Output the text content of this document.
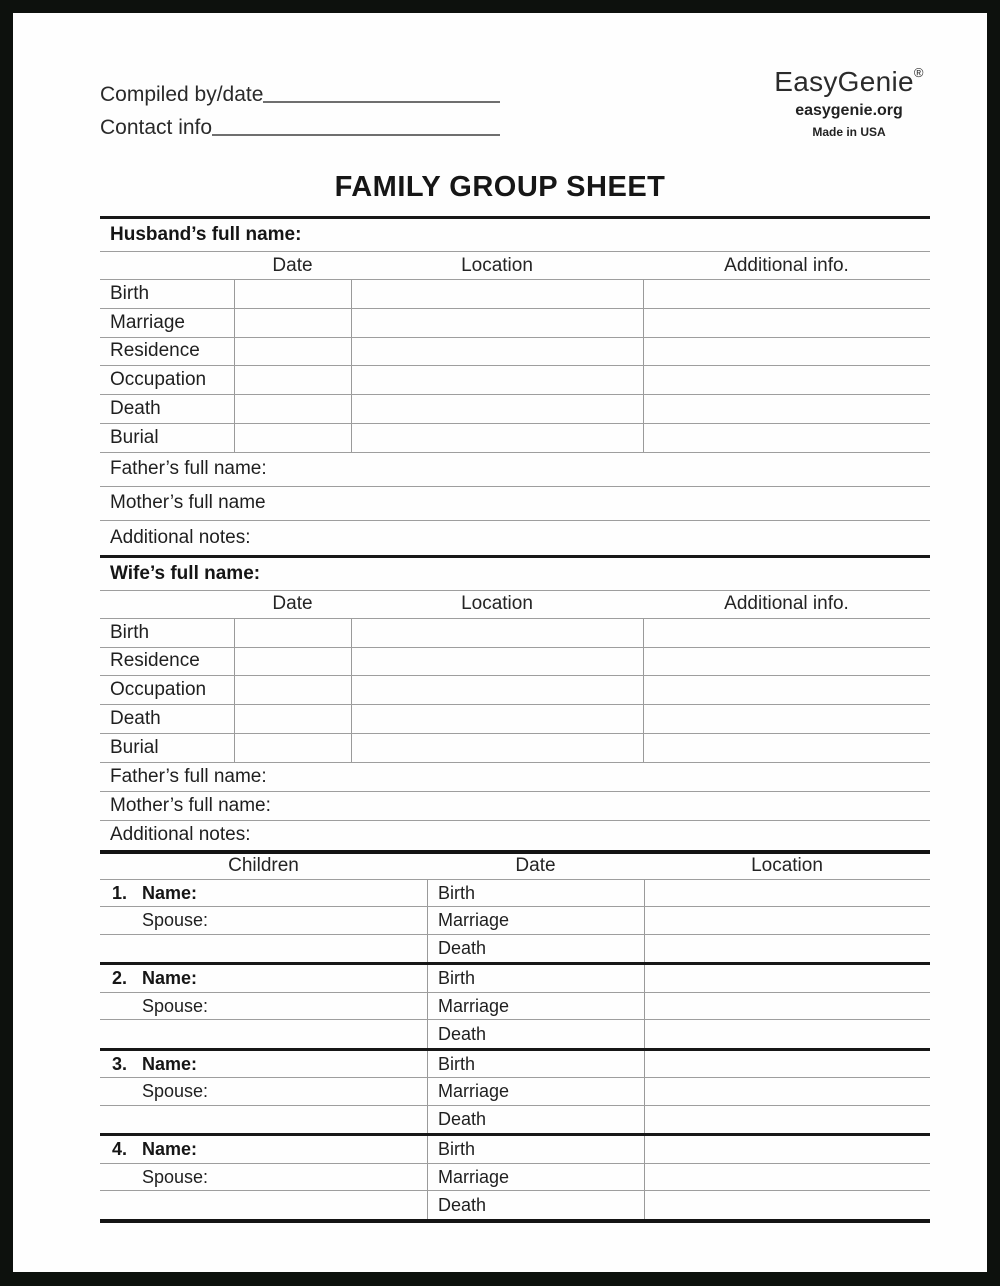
Compiled by/date
Contact info
EasyGenie®
easygenie.org
Made in USA
FAMILY GROUP SHEET
Husband’s full name:
Date	Location	Additional info.
Birth
Marriage
Residence
Occupation
Death
Burial
Father’s full name:
Mother’s full name
Additional notes:
Wife’s full name:
Date	Location	Additional info.
Birth
Residence
Occupation
Death
Burial
Father’s full name:
Mother’s full name:
Additional notes:
Children	Date	Location
1. Name:	Birth
Spouse:	Marriage
Death
2. Name:	Birth
Spouse:	Marriage
Death
3. Name:	Birth
Spouse:	Marriage
Death
4. Name:	Birth
Spouse:	Marriage
Death
